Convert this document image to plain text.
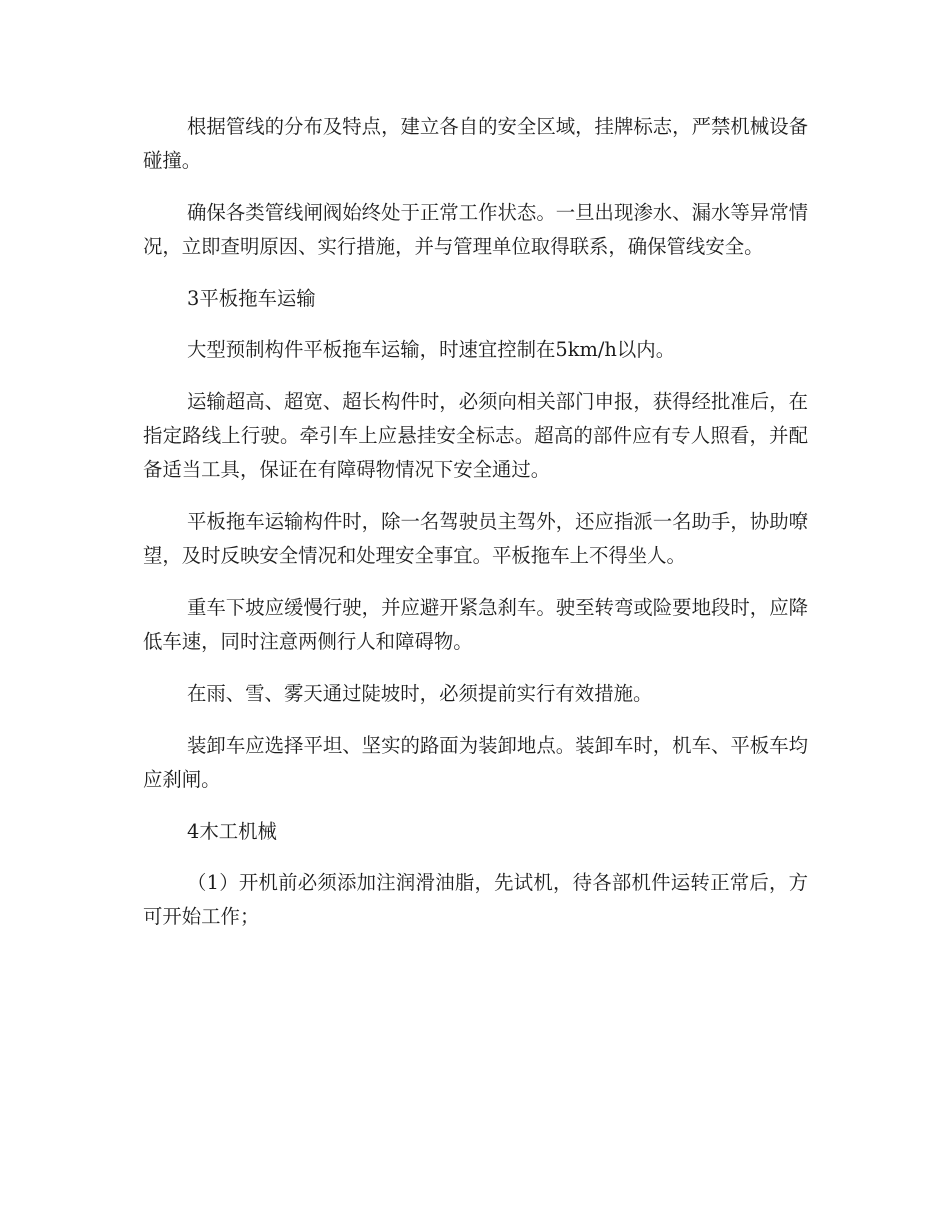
根据管线的分布及特点，建立各自的安全区域，挂牌标志，严禁机械设备碰撞。

确保各类管线闸阀始终处于正常工作状态。一旦出现渗水、漏水等异常情况，立即查明原因、实行措施，并与管理单位取得联系，确保管线安全。

3平板拖车运输

大型预制构件平板拖车运输，时速宜控制在5km/h以内。

运输超高、超宽、超长构件时，必须向相关部门申报，获得经批准后，在指定路线上行驶。牵引车上应悬挂安全标志。超高的部件应有专人照看，并配备适当工具，保证在有障碍物情况下安全通过。

平板拖车运输构件时，除一名驾驶员主驾外，还应指派一名助手，协助嘹望，及时反映安全情况和处理安全事宜。平板拖车上不得坐人。

重车下坡应缓慢行驶，并应避开紧急刹车。驶至转弯或险要地段时，应降低车速，同时注意两侧行人和障碍物。

在雨、雪、雾天通过陡坡时，必须提前实行有效措施。

装卸车应选择平坦、坚实的路面为装卸地点。装卸车时，机车、平板车均应刹闸。

4木工机械

（1）开机前必须添加注润滑油脂，先试机，待各部机件运转正常后，方可开始工作；
